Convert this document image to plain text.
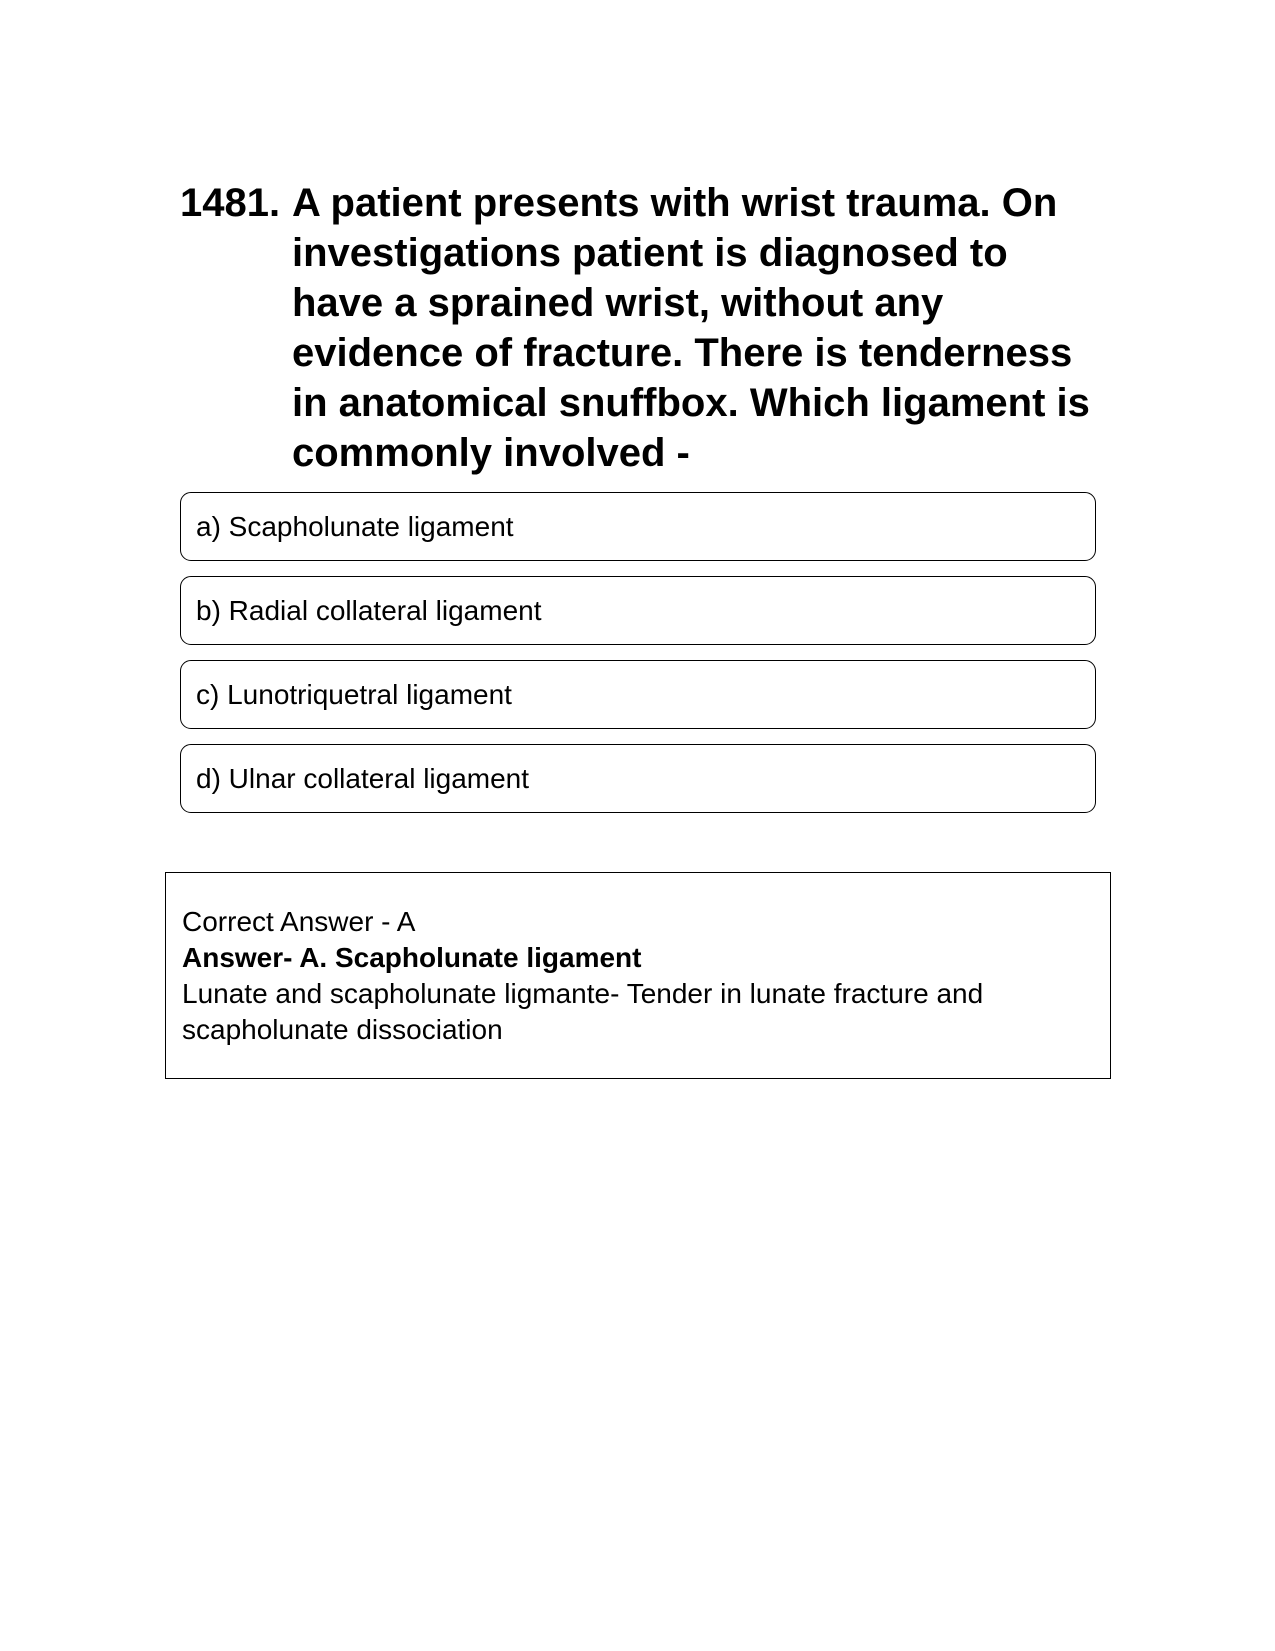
1481. A patient presents with wrist trauma. On investigations patient is diagnosed to have a sprained wrist, without any evidence of fracture. There is tenderness in anatomical snuffbox. Which ligament is commonly involved -
a) Scapholunate ligament
b) Radial collateral ligament
c) Lunotriquetral ligament
d) Ulnar collateral ligament
Correct Answer - A
Answer- A. Scapholunate ligament
Lunate and scapholunate ligmante- Tender in lunate fracture and scapholunate dissociation
